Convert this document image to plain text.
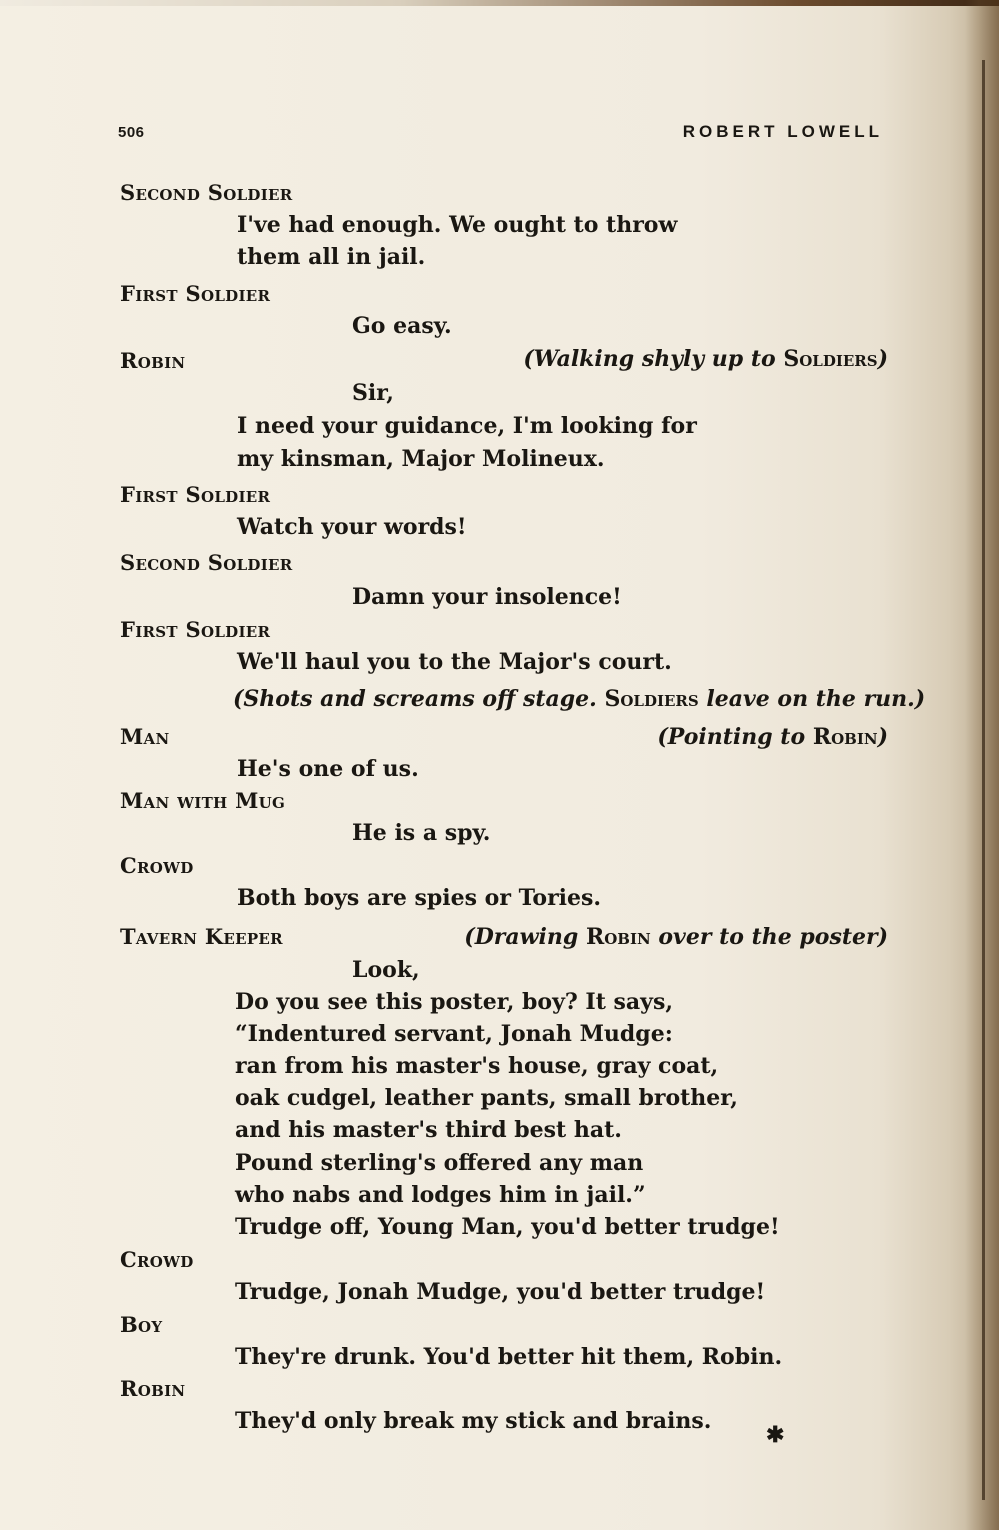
506	ROBERT LOWELL
Second Soldier
I've had enough. We ought to throw
them all in jail.
First Soldier
Go easy.
Robin	(Walking shyly up to Soldiers)
Sir,
I need your guidance, I'm looking for
my kinsman, Major Molineux.
First Soldier
Watch your words!
Second Soldier
Damn your insolence!
First Soldier
We'll haul you to the Major's court.
(Shots and screams off stage. Soldiers leave on the run.)
Man	(Pointing to Robin)
He's one of us.
Man with Mug
He is a spy.
Crowd
Both boys are spies or Tories.
Tavern Keeper	(Drawing Robin over to the poster)
Look,
Do you see this poster, boy? It says,
“Indentured servant, Jonah Mudge:
ran from his master's house, gray coat,
oak cudgel, leather pants, small brother,
and his master's third best hat.
Pound sterling's offered any man
who nabs and lodges him in jail.”
Trudge off, Young Man, you'd better trudge!
Crowd
Trudge, Jonah Mudge, you'd better trudge!
Boy
They're drunk. You'd better hit them, Robin.
Robin
They'd only break my stick and brains.
✱
